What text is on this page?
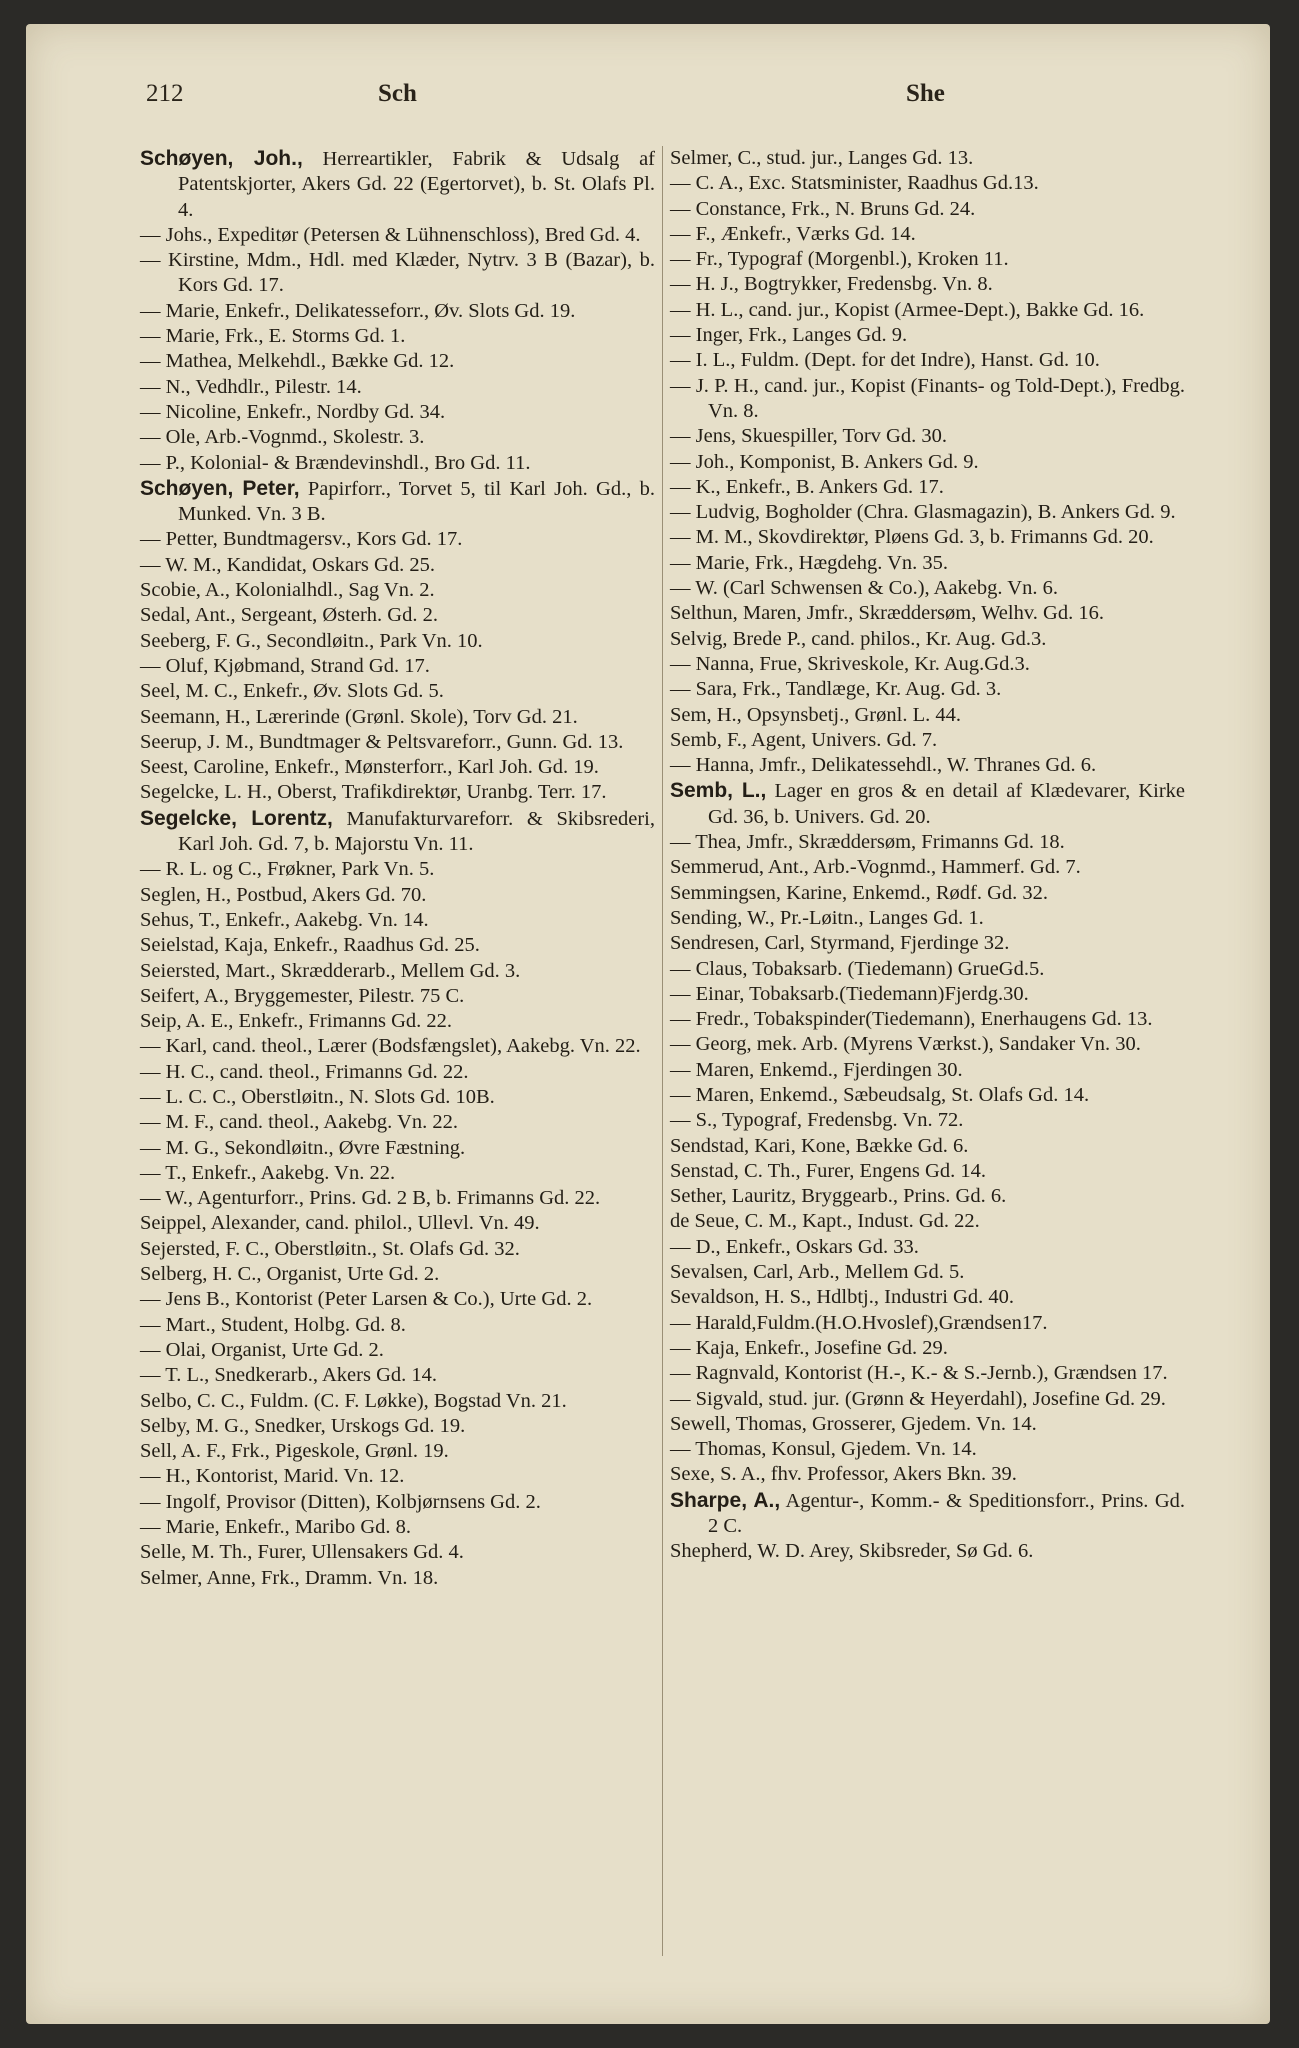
212	Sch	She
Schøyen, Joh., Herreartikler, Fabrik & Udsalg af Patentskjorter, Akers Gd. 22 (Egertorvet), b. St. Olafs Pl. 4.
— Johs., Expeditør (Petersen & Lühnenschloss), Bred Gd. 4.
— Kirstine, Mdm., Hdl. med Klæder, Nytrv. 3 B (Bazar), b. Kors Gd. 17.
— Marie, Enkefr., Delikatesseforr., Øv. Slots Gd. 19.
— Marie, Frk., E. Storms Gd. 1.
— Mathea, Melkehdl., Bække Gd. 12.
— N., Vedhdlr., Pilestr. 14.
— Nicoline, Enkefr., Nordby Gd. 34.
— Ole, Arb.-Vognmd., Skolestr. 3.
— P., Kolonial- & Brændevinshdl., Bro Gd. 11.
Schøyen, Peter, Papirforr., Torvet 5, til Karl Joh. Gd., b. Munked. Vn. 3 B.
— Petter, Bundtmagersv., Kors Gd. 17.
— W. M., Kandidat, Oskars Gd. 25.
Scobie, A., Kolonialhdl., Sag Vn. 2.
Sedal, Ant., Sergeant, Østerh. Gd. 2.
Seeberg, F. G., Secondløitn., Park Vn. 10.
— Oluf, Kjøbmand, Strand Gd. 17.
Seel, M. C., Enkefr., Øv. Slots Gd. 5.
Seemann, H., Lærerinde (Grønl. Skole), Torv Gd. 21.
Seerup, J. M., Bundtmager & Peltsvareforr., Gunn. Gd. 13.
Seest, Caroline, Enkefr., Mønsterforr., Karl Joh. Gd. 19.
Segelcke, L. H., Oberst, Trafikdirektør, Uranbg. Terr. 17.
Segelcke, Lorentz, Manufakturvareforr. & Skibsrederi, Karl Joh. Gd. 7, b. Majorstu Vn. 11.
— R. L. og C., Frøkner, Park Vn. 5.
Seglen, H., Postbud, Akers Gd. 70.
Sehus, T., Enkefr., Aakebg. Vn. 14.
Seielstad, Kaja, Enkefr., Raadhus Gd. 25.
Seiersted, Mart., Skrædderarb., Mellem Gd. 3.
Seifert, A., Bryggemester, Pilestr. 75 C.
Seip, A. E., Enkefr., Frimanns Gd. 22.
— Karl, cand. theol., Lærer (Bodsfængslet), Aakebg. Vn. 22.
— H. C., cand. theol., Frimanns Gd. 22.
— L. C. C., Oberstløitn., N. Slots Gd. 10B.
— M. F., cand. theol., Aakebg. Vn. 22.
— M. G., Sekondløitn., Øvre Fæstning.
— T., Enkefr., Aakebg. Vn. 22.
— W., Agenturforr., Prins. Gd. 2 B, b. Frimanns Gd. 22.
Seippel, Alexander, cand. philol., Ullevl. Vn. 49.
Sejersted, F. C., Oberstløitn., St. Olafs Gd. 32.
Selberg, H. C., Organist, Urte Gd. 2.
— Jens B., Kontorist (Peter Larsen & Co.), Urte Gd. 2.
— Mart., Student, Holbg. Gd. 8.
— Olai, Organist, Urte Gd. 2.
— T. L., Snedkerarb., Akers Gd. 14.
Selbo, C. C., Fuldm. (C. F. Løkke), Bogstad Vn. 21.
Selby, M. G., Snedker, Urskogs Gd. 19.
Sell, A. F., Frk., Pigeskole, Grønl. 19.
— H., Kontorist, Marid. Vn. 12.
— Ingolf, Provisor (Ditten), Kolbjørnsens Gd. 2.
— Marie, Enkefr., Maribo Gd. 8.
Selle, M. Th., Furer, Ullensakers Gd. 4.
Selmer, Anne, Frk., Dramm. Vn. 18.
Selmer, C., stud. jur., Langes Gd. 13.
— C. A., Exc. Statsminister, Raadhus Gd.13.
— Constance, Frk., N. Bruns Gd. 24.
— F., Ænkefr., Værks Gd. 14.
— Fr., Typograf (Morgenbl.), Kroken 11.
— H. J., Bogtrykker, Fredensbg. Vn. 8.
— H. L., cand. jur., Kopist (Armee-Dept.), Bakke Gd. 16.
— Inger, Frk., Langes Gd. 9.
— I. L., Fuldm. (Dept. for det Indre), Hanst. Gd. 10.
— J. P. H., cand. jur., Kopist (Finants- og Told-Dept.), Fredbg. Vn. 8.
— Jens, Skuespiller, Torv Gd. 30.
— Joh., Komponist, B. Ankers Gd. 9.
— K., Enkefr., B. Ankers Gd. 17.
— Ludvig, Bogholder (Chra. Glasmagazin), B. Ankers Gd. 9.
— M. M., Skovdirektør, Pløens Gd. 3, b. Frimanns Gd. 20.
— Marie, Frk., Hægdehg. Vn. 35.
— W. (Carl Schwensen & Co.), Aakebg. Vn. 6.
Selthun, Maren, Jmfr., Skræddersøm, Welhv. Gd. 16.
Selvig, Brede P., cand. philos., Kr. Aug. Gd.3.
— Nanna, Frue, Skriveskole, Kr. Aug.Gd.3.
— Sara, Frk., Tandlæge, Kr. Aug. Gd. 3.
Sem, H., Opsynsbetj., Grønl. L. 44.
Semb, F., Agent, Univers. Gd. 7.
— Hanna, Jmfr., Delikatessehdl., W. Thranes Gd. 6.
Semb, L., Lager en gros & en detail af Klædevarer, Kirke Gd. 36, b. Univers. Gd. 20.
— Thea, Jmfr., Skræddersøm, Frimanns Gd. 18.
Semmerud, Ant., Arb.-Vognmd., Hammerf. Gd. 7.
Semmingsen, Karine, Enkemd., Rødf. Gd. 32.
Sending, W., Pr.-Løitn., Langes Gd. 1.
Sendresen, Carl, Styrmand, Fjerdinge 32.
— Claus, Tobaksarb. (Tiedemann) GrueGd.5.
— Einar, Tobaksarb.(Tiedemann)Fjerdg.30.
— Fredr., Tobakspinder(Tiedemann), Enerhaugens Gd. 13.
— Georg, mek. Arb. (Myrens Værkst.), Sandaker Vn. 30.
— Maren, Enkemd., Fjerdingen 30.
— Maren, Enkemd., Sæbeudsalg, St. Olafs Gd. 14.
— S., Typograf, Fredensbg. Vn. 72.
Sendstad, Kari, Kone, Bække Gd. 6.
Senstad, C. Th., Furer, Engens Gd. 14.
Sether, Lauritz, Bryggearb., Prins. Gd. 6.
de Seue, C. M., Kapt., Indust. Gd. 22.
— D., Enkefr., Oskars Gd. 33.
Sevalsen, Carl, Arb., Mellem Gd. 5.
Sevaldson, H. S., Hdlbtj., Industri Gd. 40.
— Harald,Fuldm.(H.O.Hvoslef),Grændsen17.
— Kaja, Enkefr., Josefine Gd. 29.
— Ragnvald, Kontorist (H.-, K.- & S.-Jernb.), Grændsen 17.
— Sigvald, stud. jur. (Grønn & Heyerdahl), Josefine Gd. 29.
Sewell, Thomas, Grosserer, Gjedem. Vn. 14.
— Thomas, Konsul, Gjedem. Vn. 14.
Sexe, S. A., fhv. Professor, Akers Bkn. 39.
Sharpe, A., Agentur-, Komm.- & Speditionsforr., Prins. Gd. 2 C.
Shepherd, W. D. Arey, Skibsreder, Sø Gd. 6.
